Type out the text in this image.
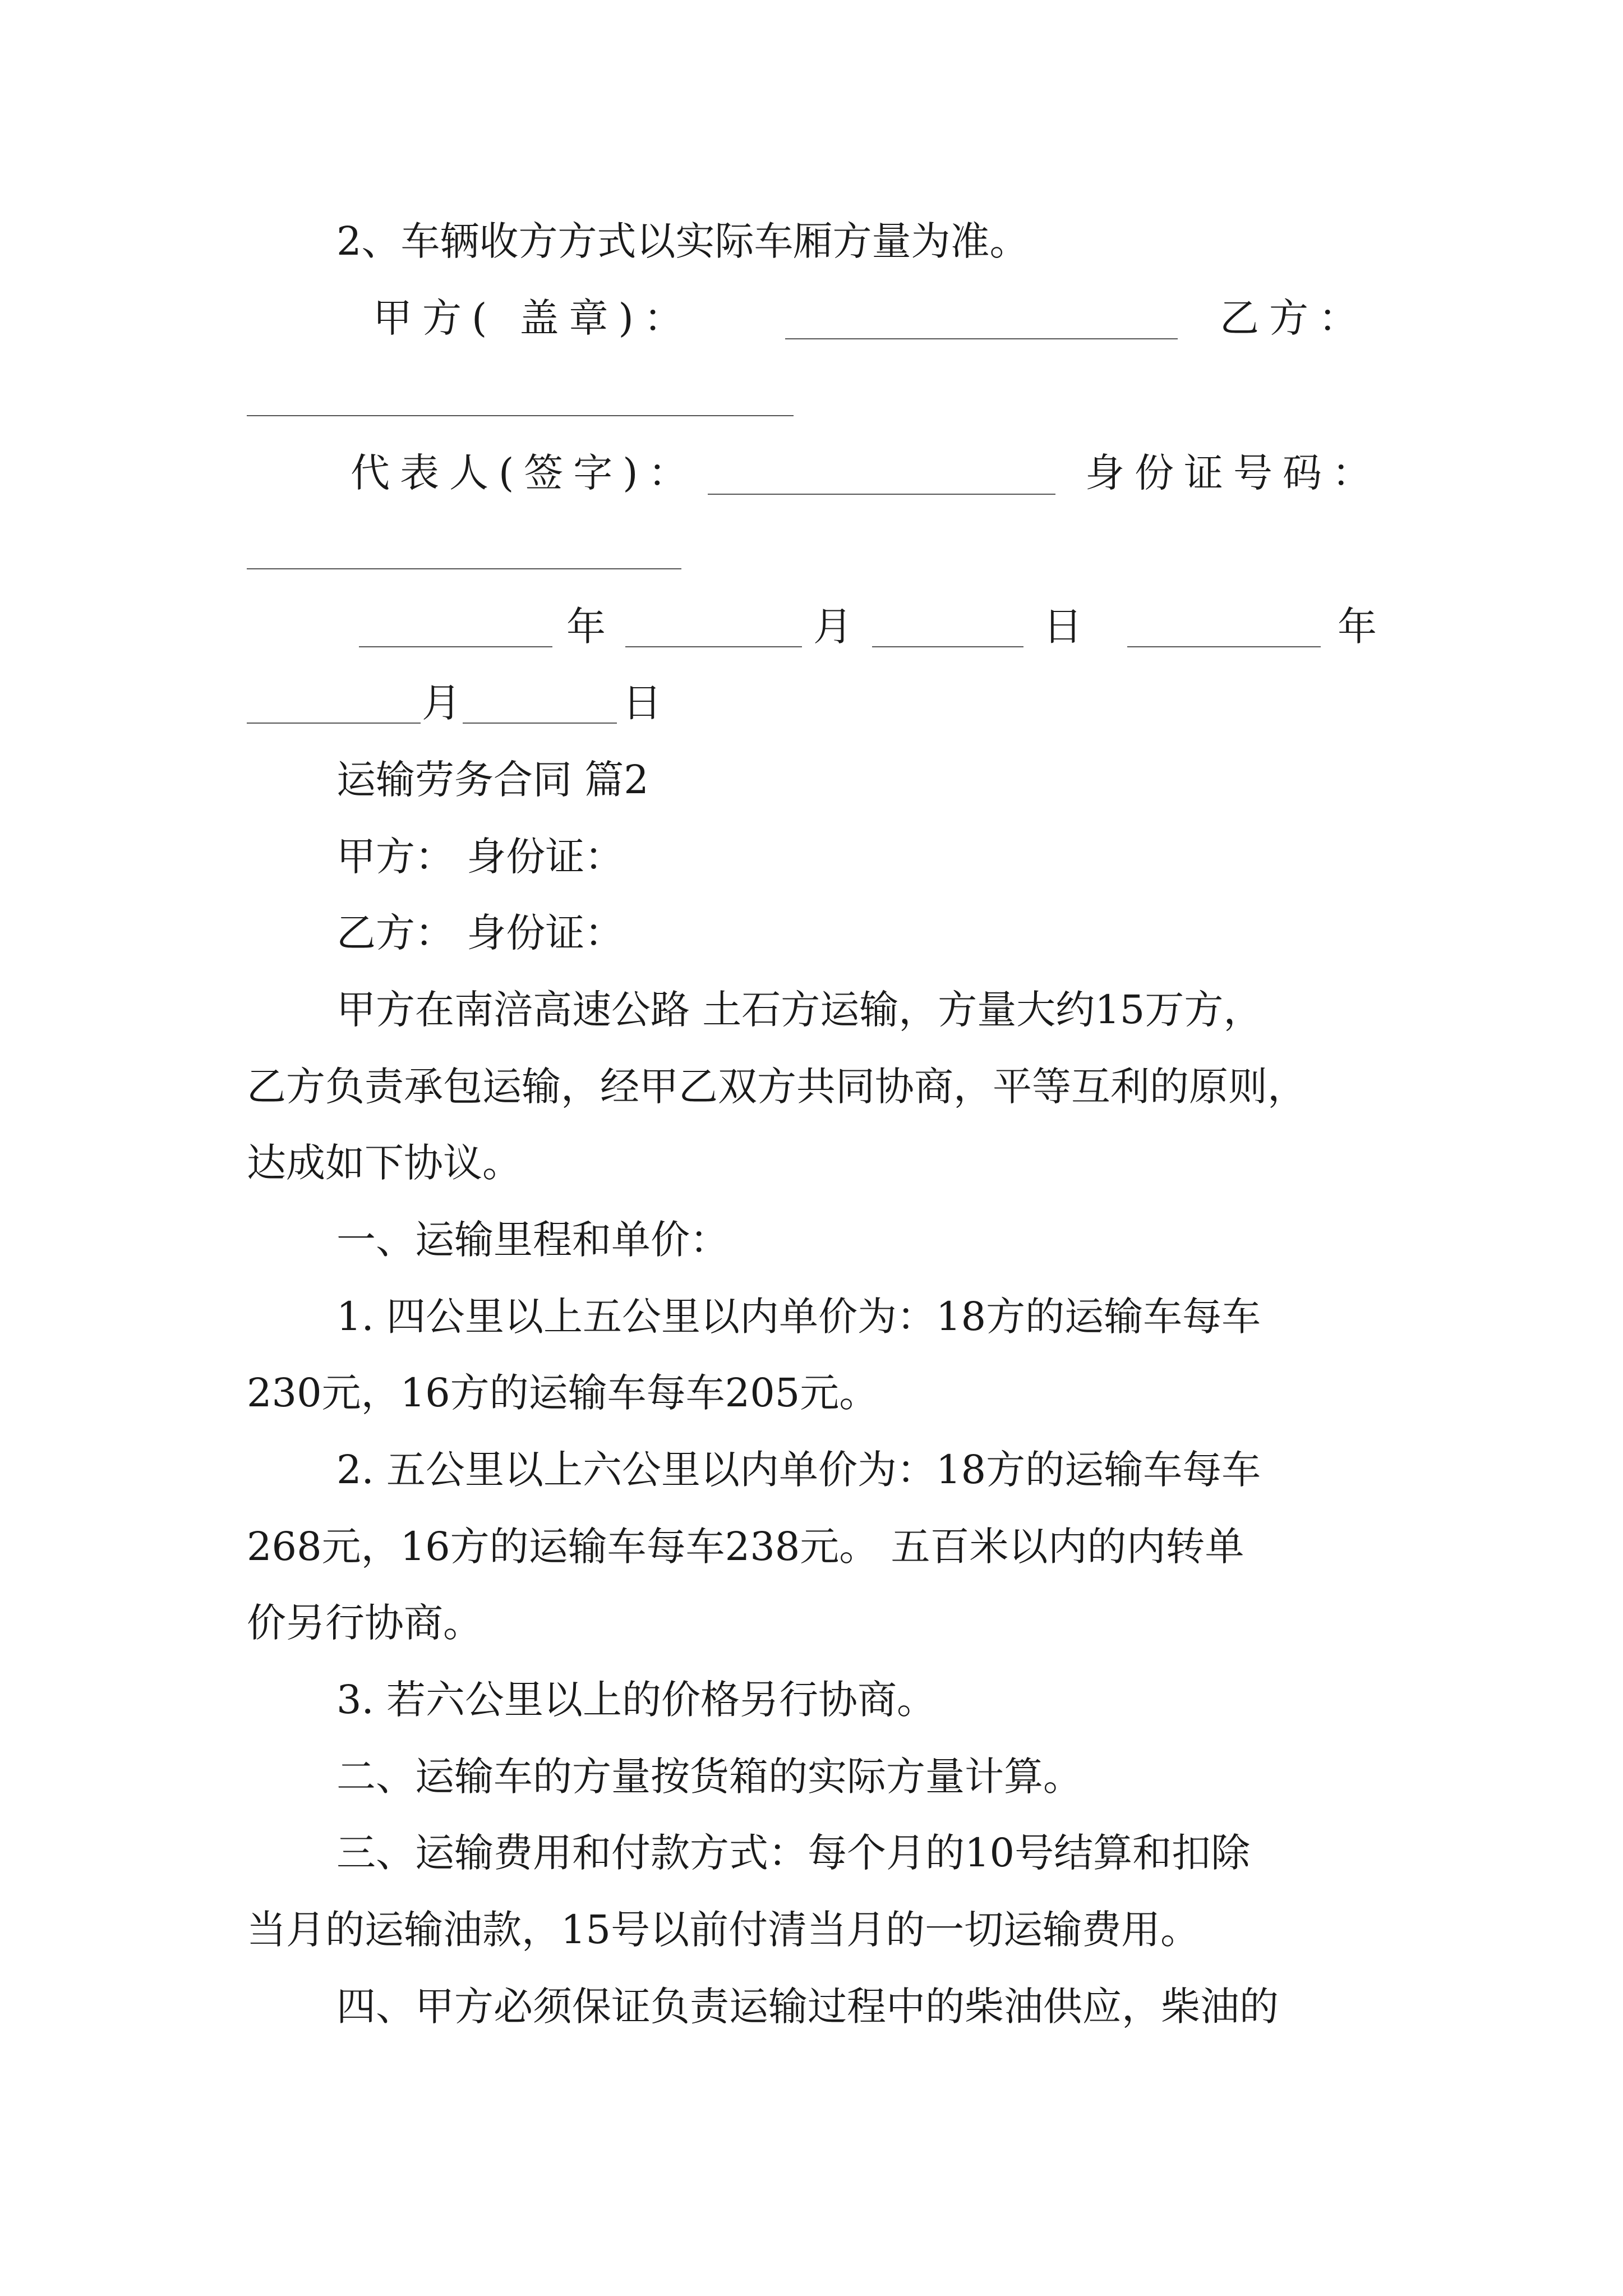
2、车辆收方方式以实际车厢方量为准。
甲方( 盖章)：	乙方：
代表人(签字)：	身份证号码：
年	月	日	年
月	日
运输劳务合同 篇2
甲方： 身份证：
乙方： 身份证：
甲方在南涪高速公路 土石方运输，方量大约15万方，
乙方负责承包运输，经甲乙双方共同协商，平等互利的原则，
达成如下协议。
一、运输里程和单价：
1. 四公里以上五公里以内单价为：18方的运输车每车
230元，16方的运输车每车205元。
2. 五公里以上六公里以内单价为：18方的运输车每车
268元，16方的运输车每车238元。 五百米以内的内转单
价另行协商。
3. 若六公里以上的价格另行协商。
二、运输车的方量按货箱的实际方量计算。
三、运输费用和付款方式：每个月的10号结算和扣除
当月的运输油款，15号以前付清当月的一切运输费用。
四、甲方必须保证负责运输过程中的柴油供应，柴油的
